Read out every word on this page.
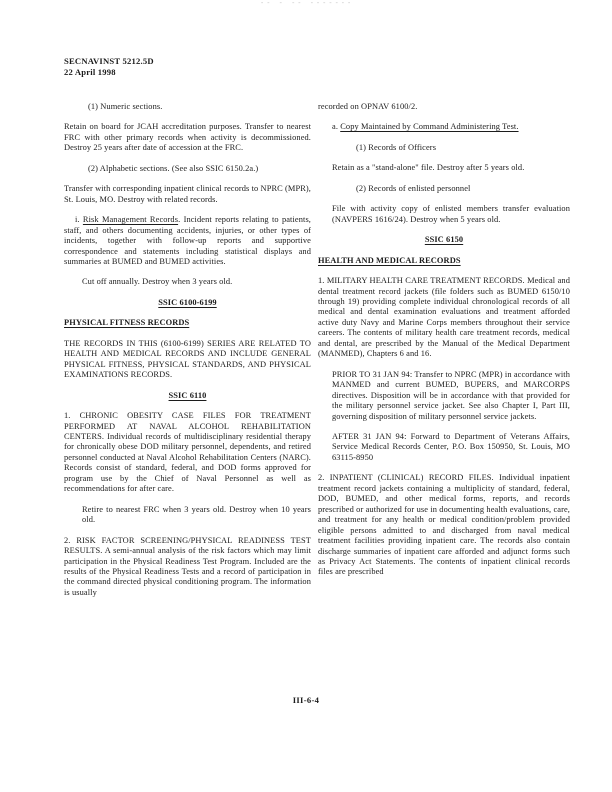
-- - -- -------
SECNAVINST 5212.5D
22 April 1998
(1) Numeric sections.
Retain on board for JCAH accreditation purposes. Transfer to nearest FRC with other primary records when activity is decommissioned. Destroy 25 years after date of accession at the FRC.
(2) Alphabetic sections. (See also SSIC 6150.2a.)
Transfer with corresponding inpatient clinical records to NPRC (MPR), St. Louis, MO. Destroy with related records.
i. Risk Management Records. Incident reports relating to patients, staff, and others documenting accidents, injuries, or other types of incidents, together with follow-up reports and supportive correspondence and statements including statistical displays and summaries at BUMED and BUMED activities.
Cut off annually. Destroy when 3 years old.
SSIC 6100-6199
PHYSICAL FITNESS RECORDS
THE RECORDS IN THIS (6100-6199) SERIES ARE RELATED TO HEALTH AND MEDICAL RECORDS AND INCLUDE GENERAL PHYSICAL FITNESS, PHYSICAL STANDARDS, AND PHYSICAL EXAMINATIONS RECORDS.
SSIC 6110
1. CHRONIC OBESITY CASE FILES FOR TREATMENT PERFORMED AT NAVAL ALCOHOL REHABILITATION CENTERS. Individual records of multidisciplinary residential therapy for chronically obese DOD military personnel, dependents, and retired personnel conducted at Naval Alcohol Rehabilitation Centers (NARC). Records consist of standard, federal, and DOD forms approved for program use by the Chief of Naval Personnel as well as recommendations for after care.
Retire to nearest FRC when 3 years old. Destroy when 10 years old.
2. RISK FACTOR SCREENING/PHYSICAL READINESS TEST RESULTS. A semi-annual analysis of the risk factors which may limit participation in the Physical Readiness Test Program. Included are the results of the Physical Readiness Tests and a record of participation in the command directed physical conditioning program. The information is usually
recorded on OPNAV 6100/2.
a. Copy Maintained by Command Administering Test.
(1) Records of Officers
Retain as a "stand-alone" file. Destroy after 5 years old.
(2) Records of enlisted personnel
File with activity copy of enlisted members transfer evaluation (NAVPERS 1616/24). Destroy when 5 years old.
SSIC 6150
HEALTH AND MEDICAL RECORDS
1. MILITARY HEALTH CARE TREATMENT RECORDS. Medical and dental treatment record jackets (file folders such as BUMED 6150/10 through 19) providing complete individual chronological records of all medical and dental examination evaluations and treatment afforded active duty Navy and Marine Corps members throughout their service careers. The contents of military health care treatment records, medical and dental, are prescribed by the Manual of the Medical Department (MANMED), Chapters 6 and 16.
PRIOR TO 31 JAN 94: Transfer to NPRC (MPR) in accordance with MANMED and current BUMED, BUPERS, and MARCORPS directives. Disposition will be in accordance with that provided for the military personnel service jacket. See also Chapter I, Part III, governing disposition of military personnel service jackets.
AFTER 31 JAN 94: Forward to Department of Veterans Affairs, Service Medical Records Center, P.O. Box 150950, St. Louis, MO 63115-8950
2. INPATIENT (CLINICAL) RECORD FILES. Individual inpatient treatment record jackets containing a multiplicity of standard, federal, DOD, BUMED, and other medical forms, reports, and records prescribed or authorized for use in documenting health evaluations, care, and treatment for any health or medical condition/problem provided eligible persons admitted to and discharged from naval medical treatment facilities providing inpatient care. The records also contain discharge summaries of inpatient care afforded and adjunct forms such as Privacy Act Statements. The contents of inpatient clinical records files are prescribed
III-6-4
